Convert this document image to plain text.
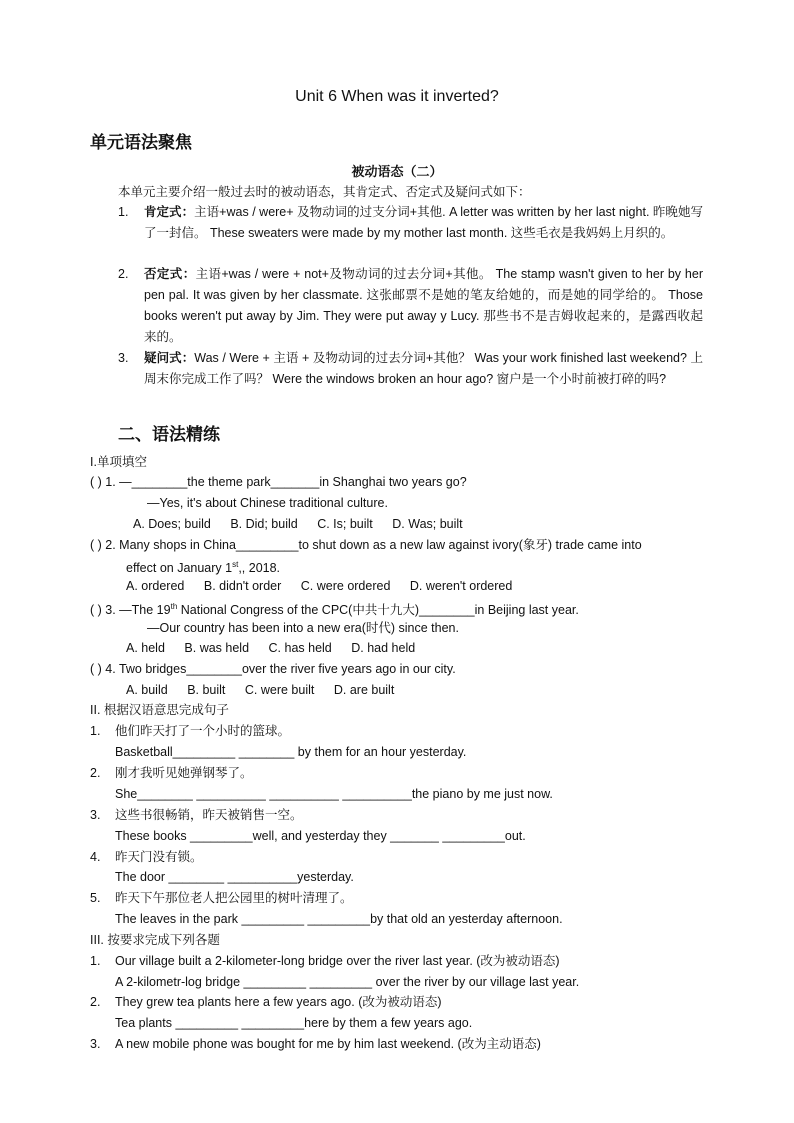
Unit 6 When was it inverted?
单元语法聚焦
被动语态（二）
本单元主要介绍一般过去时的被动语态，其肯定式、否定式及疑问式如下：
1.	肯定式：主语+was / were+ 及物动词的过支分词+其他. A letter was written by her last night. 昨晚她写了一封信。 These sweaters were made by my mother last month. 这些毛衣是我妈妈上月织的。
2.	否定式：主语+was / were + not+及物动词的过去分词+其他。 The stamp wasn't given to her by her pen pal. It was given by her classmate. 这张邮票不是她的笔友给她的，而是她的同学给的。 Those books weren't put away by Jim. They were put away y Lucy. 那些书不是吉姆收起来的，是露西收起来的。
3.	疑问式：Was / Were + 主语 + 及物动词的过去分词+其他？ Was your work finished last weekend? 上周末你完成工作了吗？ Were the windows broken an hour ago? 窗户是一个小时前被打碎的吗?
二、语法精练
I.单项填空
( ) 1. —________the theme park_______in Shanghai two years go?
—Yes, it's about Chinese traditional culture.
A. Does; build B. Did; build C. Is; built D. Was; built
( ) 2. Many shops in China_________to shut down as a new law against ivory(象牙) trade came into
effect on January 1st,, 2018.
A. ordered B. didn't order C. were ordered D. weren't ordered
( ) 3. —The 19th National Congress of the CPC(中共十九大)________in Beijing last year.
—Our country has been into a new era(时代) since then.
A. held B. was held C. has held D. had held
( ) 4. Two bridges________over the river five years ago in our city.
A. build B. built C. were built D. are built
II. 根据汉语意思完成句子
1. 他们昨天打了一个小时的篮球。
Basketball_________ ________ by them for an hour yesterday.
2. 刚才我听见她弹钢琴了。
She________ __________ __________ __________the piano by me just now.
3. 这些书很畅销，昨天被销售一空。
These books _________well, and yesterday they _______ _________out.
4. 昨天门没有锁。
The door ________ __________yesterday.
5. 昨天下午那位老人把公园里的树叶清理了。
The leaves in the park _________ _________by that old an yesterday afternoon.
III. 按要求完成下列各题
1. Our village built a 2-kilometer-long bridge over the river last year. (改为被动语态)
A 2-kilometr-log bridge _________ _________ over the river by our village last year.
2. They grew tea plants here a few years ago. (改为被动语态)
Tea plants _________ _________here by them a few years ago.
3. A new mobile phone was bought for me by him last weekend. (改为主动语态)
